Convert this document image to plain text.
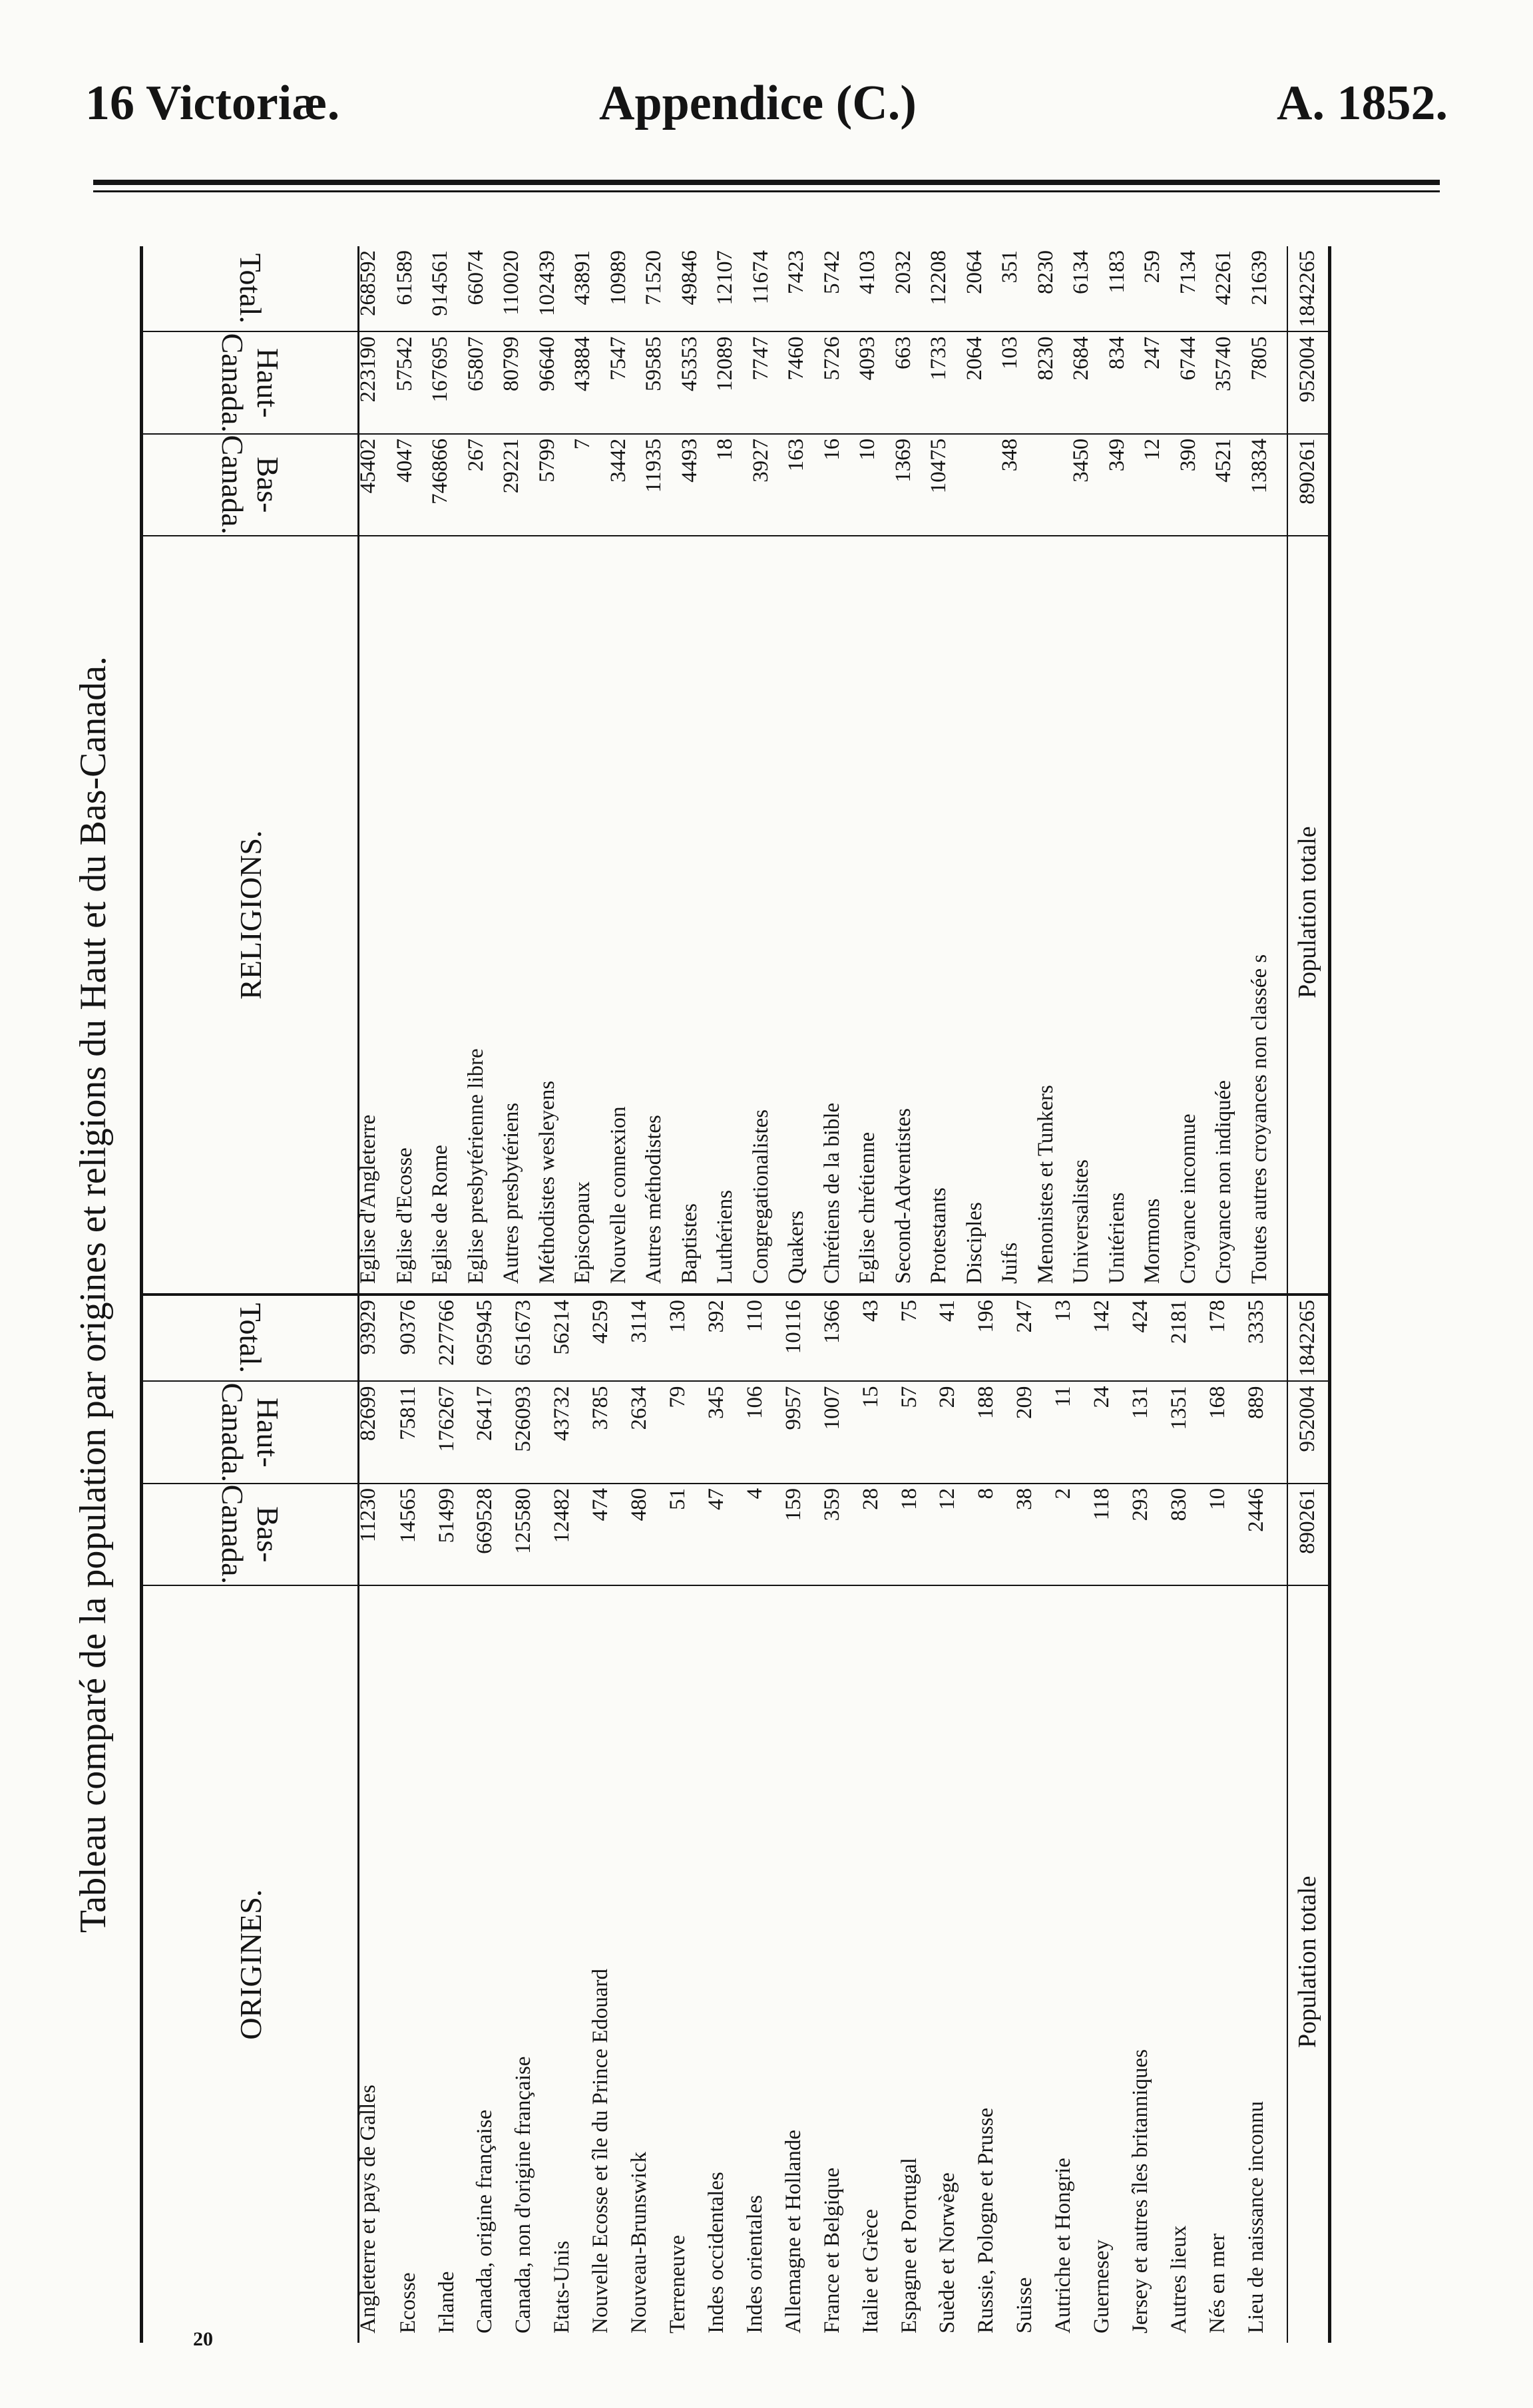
16 Victoriæ.	Appendice (C.)	A. 1852.
Tableau comparé de la population par origines et religions du Haut et du Bas-Canada.
ORIGINES.	Bas-Canada.	Haut-Canada.	Total.
Angleterre et pays de Galles	11230	82699	93929
Ecosse	14565	75811	90376
Irlande	51499	176267	227766
Canada, origine française	669528	26417	695945
Canada, non d'origine française	125580	526093	651673
Etats-Unis	12482	43732	56214
Nouvelle Ecosse et île du Prince Edouard	474	3785	4259
Nouveau-Brunswick	480	2634	3114
Terreneuve	51	79	130
Indes occidentales	47	345	392
Indes orientales	4	106	110
Allemagne et Hollande	159	9957	10116
France et Belgique	359	1007	1366
Italie et Grèce	28	15	43
Espagne et Portugal	18	57	75
Suède et Norwège	12	29	41
Russie, Pologne et Prusse	8	188	196
Suisse	38	209	247
Autriche et Hongrie	2	11	13
Guernesey	118	24	142
Jersey et autres îles britanniques	293	131	424
Autres lieux	830	1351	2181
Nés en mer	10	168	178
Lieu de naissance inconnu	2446	889	3335
Population totale	890261	952004	1842265

RELIGIONS.	Bas-Canada.	Haut-Canada.	Total.
Eglise d'Angleterre	45402	223190	268592
Eglise d'Ecosse	4047	57542	61589
Eglise de Rome	746866	167695	914561
Eglise presbytérienne libre	267	65807	66074
Autres presbytériens	29221	80799	110020
Méthodistes wesleyens	5799	96640	102439
Episcopaux	7	43884	43891
Nouvelle connexion	3442	7547	10989
Autres méthodistes	11935	59585	71520
Baptistes	4493	45353	49846
Luthériens	18	12089	12107
Congregationalistes	3927	7747	11674
Quakers	163	7460	7423
Chrétiens de la bible	16	5726	5742
Eglise chrétienne	10	4093	4103
Second-Adventistes	1369	663	2032
Protestants	10475	1733	12208
Disciples		2064	2064
Juifs	348	103	351
Menonistes et Tunkers		8230	8230
Universalistes	3450	2684	6134
Unitériens	349	834	1183
Mormons	12	247	259
Croyance inconnue	390	6744	7134
Croyance non indiquée	4521	35740	42261
Toutes autres croyances non classée s	13834	7805	21639
Population totale	890261	952004	1842265

20
